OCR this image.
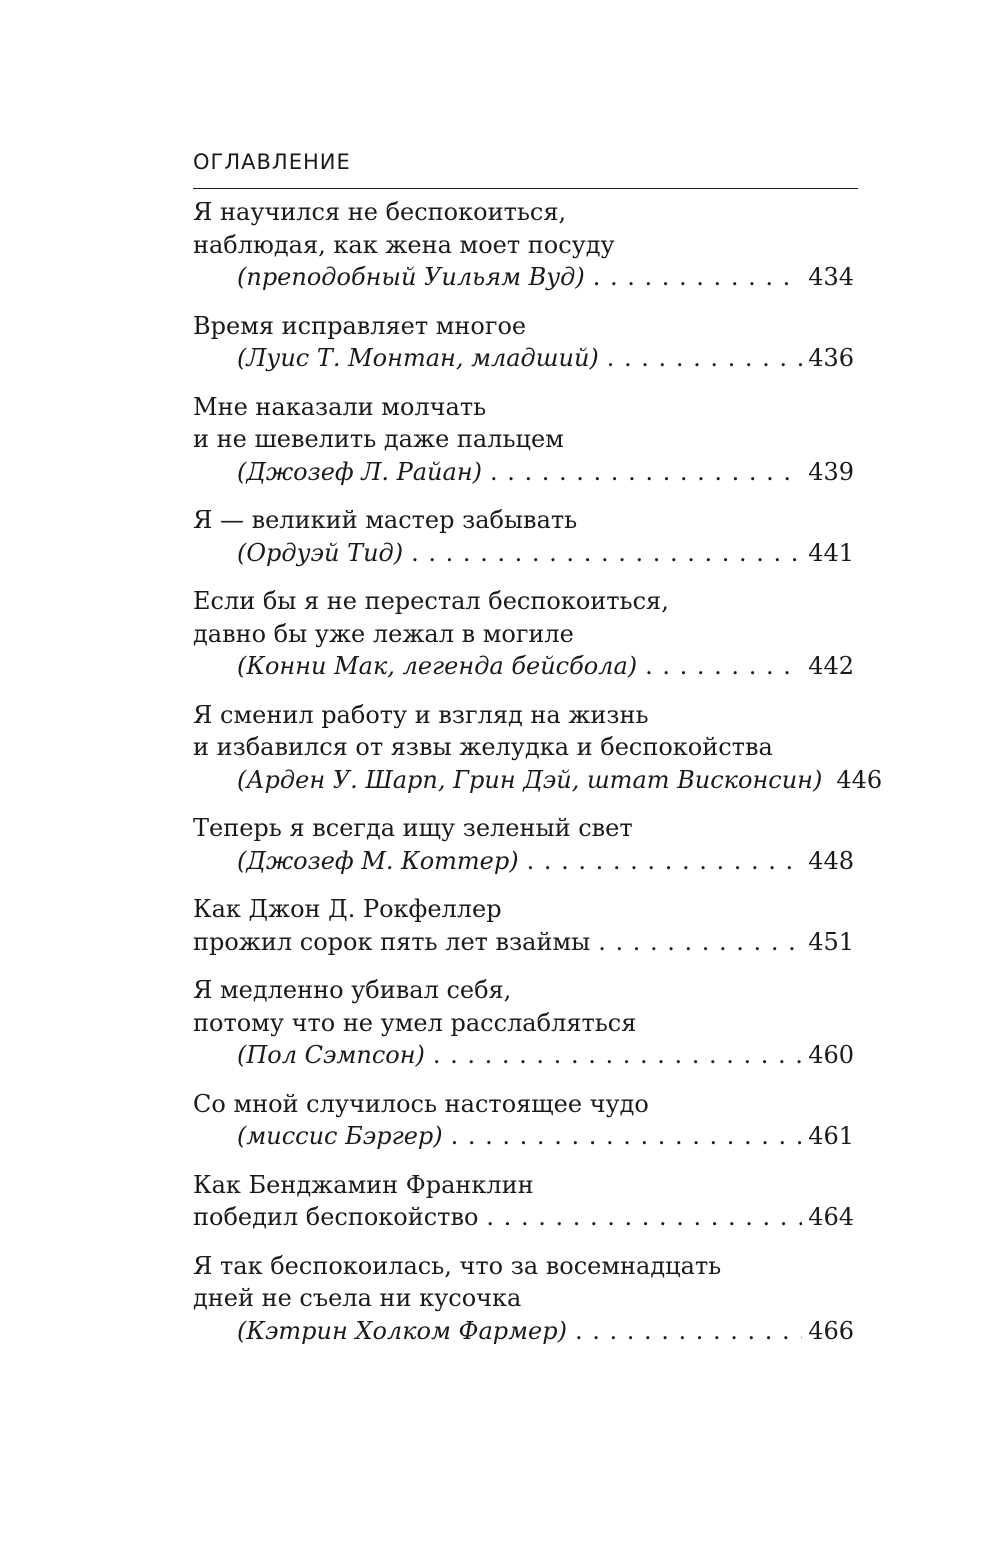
ОГЛАВЛЕНИЕ
Я научился не беспокоиться,
наблюдая, как жена моет посуду
(преподобный Уильям Вуд) . . .	434
Время исправляет многое
(Луис Т. Монтан, младший) . . .	436
Мне наказали молчать
и не шевелить даже пальцем
(Джозеф Л. Райан) . . .	439
Я — великий мастер забывать
(Ордуэй Тид) . . .	441
Если бы я не перестал беспокоиться,
давно бы уже лежал в могиле
(Конни Мак, легенда бейсбола) . . .	442
Я сменил работу и взгляд на жизнь
и избавился от язвы желудка и беспокойства
(Арден У. Шарп, Грин Дэй, штат Висконсин) 446
Теперь я всегда ищу зеленый свет
(Джозеф М. Коттер) . . .	448
Как Джон Д. Рокфеллер
прожил сорок пять лет взаймы . . .	451
Я медленно убивал себя,
потому что не умел расслабляться
(Пол Сэмпсон) . . .	460
Со мной случилось настоящее чудо
(миссис Бэргер) . . .	461
Как Бенджамин Франклин
победил беспокойство . . .	464
Я так беспокоилась, что за восемнадцать
дней не съела ни кусочка
(Кэтрин Холком Фармер) . . .	466
